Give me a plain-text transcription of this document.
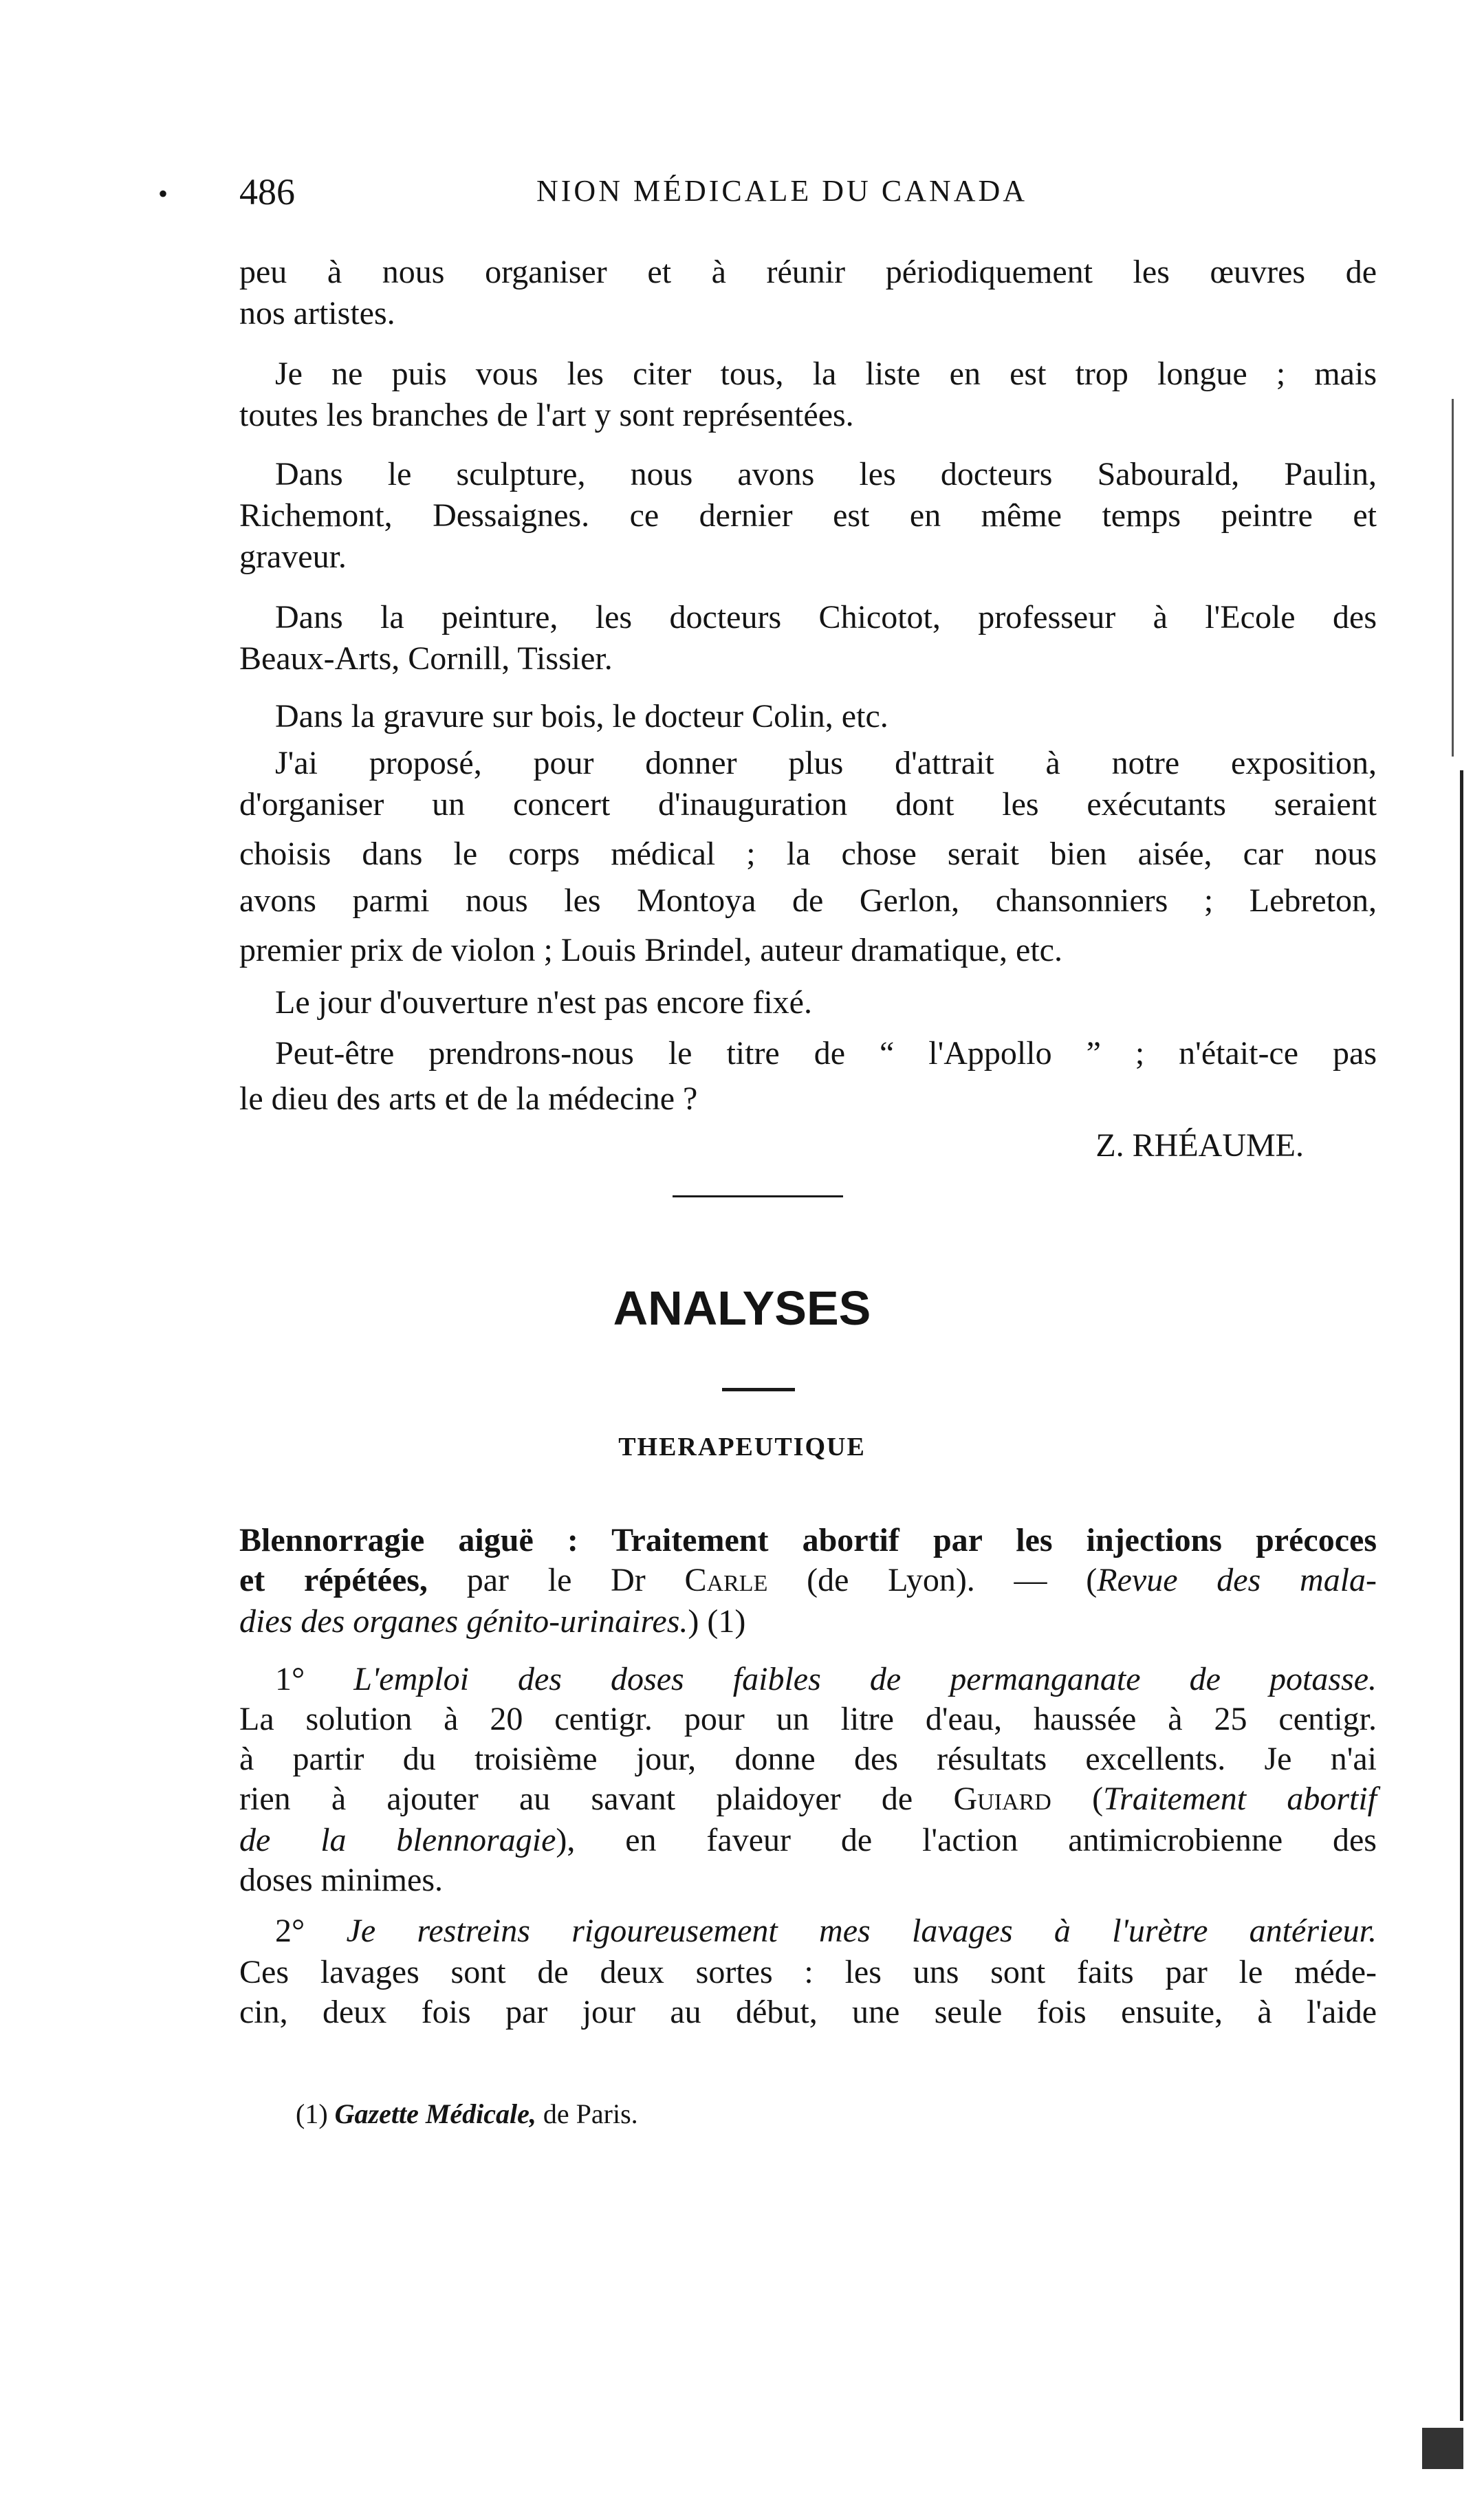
• 486	NION MÉDICALE DU CANADA

peu à nous organiser et à réunir périodiquement les œuvres de

nos artistes.

Je ne puis vous les citer tous, la liste en est trop longue ; mais

toutes les branches de l'art y sont représentées.

Dans le sculpture, nous avons les docteurs Sabourald, Paulin,

Richemont, Dessaignes. ce dernier est en même temps peintre et

graveur.

Dans la peinture, les docteurs Chicotot, professeur à l'Ecole des

Beaux-Arts, Cornill, Tissier.

Dans la gravure sur bois, le docteur Colin, etc.

J'ai proposé, pour donner plus d'attrait à notre exposition,

d'organiser un concert d'inauguration dont les exécutants seraient

choisis dans le corps médical ; la chose serait bien aisée, car nous

avons parmi nous les Montoya de Gerlon, chansonniers ; Lebreton,

premier prix de violon ; Louis Brindel, auteur dramatique, etc.

Le jour d'ouverture n'est pas encore fixé.

Peut-être prendrons-nous le titre de “ l'Appollo ” ; n'était-ce pas

le dieu des arts et de la médecine ?

Z. RHÉAUME.
ANALYSES
THERAPEUTIQUE

Blennorragie aiguë : Traitement abortif par les injections précoces

et répétées, par le Dr Carle (de Lyon). — (Revue des mala-

dies des organes génito-urinaires.) (1)

1° L'emploi des doses faibles de permanganate de potasse.

La solution à 20 centigr. pour un litre d'eau, haussée à 25 centigr.

à partir du troisième jour, donne des résultats excellents. Je n'ai

rien à ajouter au savant plaidoyer de Guiard (Traitement abortif

de la blennoragie), en faveur de l'action antimicrobienne des

doses minimes.

2° Je restreins rigoureusement mes lavages à l'urètre antérieur.

Ces lavages sont de deux sortes : les uns sont faits par le méde-

cin, deux fois par jour au début, une seule fois ensuite, à l'aide

(1) Gazette Médicale, de Paris.
